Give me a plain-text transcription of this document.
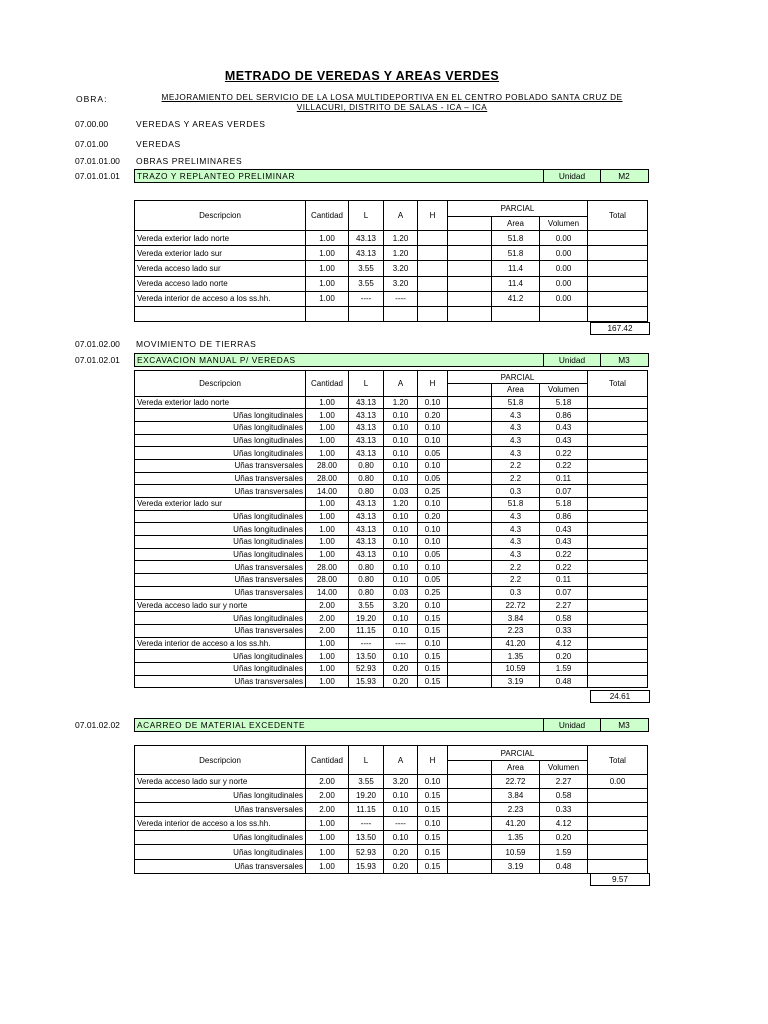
METRADO DE VEREDAS Y AREAS VERDES
OBRA:	MEJORAMIENTO DEL SERVICIO DE LA LOSA MULTIDEPORTIVA EN EL CENTRO POBLADO SANTA CRUZ DE VILLACURI, DISTRITO DE SALAS - ICA – ICA
07.00.00	VEREDAS Y AREAS VERDES
07.01.00	VEREDAS
07.01.01.00 OBRAS PRELIMINARES
07.01.02.00 MOVIMIENTO DE TIERRAS
07.01.01.01 TRAZO Y REPLANTEO PRELIMINAR	Unidad	M2
Descripcion	Cantidad	L	A	H	PARCIAL			Total
						Area	Volumen	
Vereda exterior lado norte	1.00	43.13	1.20			51.8	0.00	
Vereda exterior lado sur	1.00	43.13	1.20			51.8	0.00	
Vereda acceso lado sur	1.00	3.55	3.20			11.4	0.00	
Vereda acceso lado norte	1.00	3.55	3.20			11.4	0.00	
Vereda interior de acceso a los ss.hh.	1.00	----	----			41.2	0.00	

167.42
07.01.02.01 EXCAVACION MANUAL P/ VEREDAS	Unidad	M3
Descripcion	Cantidad	L	A	H	PARCIAL			Total
						Area	Volumen	
Vereda exterior lado norte	1.00	43.13	1.20	0.10		51.8	5.18	
Uñas longitudinales	1.00	43.13	0.10	0.20		4.3	0.86	
Uñas longitudinales	1.00	43.13	0.10	0.10		4.3	0.43	
Uñas longitudinales	1.00	43.13	0.10	0.10		4.3	0.43	
Uñas longitudinales	1.00	43.13	0.10	0.05		4.3	0.22	
Uñas transversales	28.00	0.80	0.10	0.10		2.2	0.22	
Uñas transversales	28.00	0.80	0.10	0.05		2.2	0.11	
Uñas transversales	14.00	0.80	0.03	0.25		0.3	0.07	
Vereda exterior lado sur	1.00	43.13	1.20	0.10		51.8	5.18	
Uñas longitudinales	1.00	43.13	0.10	0.20		4.3	0.86	
Uñas longitudinales	1.00	43.13	0.10	0.10		4.3	0.43	
Uñas longitudinales	1.00	43.13	0.10	0.10		4.3	0.43	
Uñas longitudinales	1.00	43.13	0.10	0.05		4.3	0.22	
Uñas transversales	28.00	0.80	0.10	0.10		2.2	0.22	
Uñas transversales	28.00	0.80	0.10	0.05		2.2	0.11	
Uñas transversales	14.00	0.80	0.03	0.25		0.3	0.07	
Vereda acceso lado sur y norte	2.00	3.55	3.20	0.10		22.72	2.27	
Uñas longitudinales	2.00	19.20	0.10	0.15		3.84	0.58	
Uñas transversales	2.00	11.15	0.10	0.15		2.23	0.33	
Vereda interior de acceso a los ss.hh.	1.00	----	----	0.10		41.20	4.12	
Uñas longitudinales	1.00	13.50	0.10	0.15		1.35	0.20	
Uñas longitudinales	1.00	52.93	0.20	0.15		10.59	1.59	
Uñas transversales	1.00	15.93	0.20	0.15		3.19	0.48	
24.61
07.01.02.02 ACARREO DE MATERIAL EXCEDENTE	Unidad	M3
Descripcion	Cantidad	L	A	H	PARCIAL			Total
						Area	Volumen	
Vereda acceso lado sur y norte	2.00	3.55	3.20	0.10		22.72	2.27	0.00
Uñas longitudinales	2.00	19.20	0.10	0.15		3.84	0.58	
Uñas transversales	2.00	11.15	0.10	0.15		2.23	0.33	
Vereda interior de acceso a los ss.hh.	1.00	----	----	0.10		41.20	4.12	
Uñas longitudinales	1.00	13.50	0.10	0.15		1.35	0.20	
Uñas longitudinales	1.00	52.93	0.20	0.15		10.59	1.59	
Uñas transversales	1.00	15.93	0.20	0.15		3.19	0.48	
9.57
